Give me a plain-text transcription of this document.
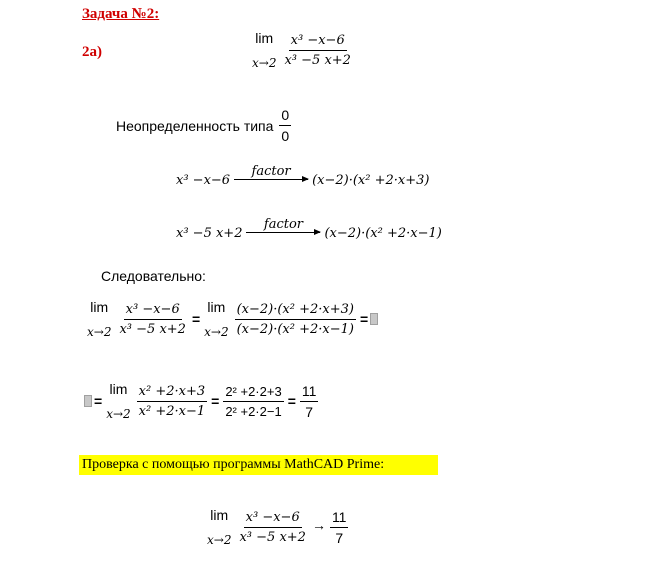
Задача №2:
2а)
lim
$x\to 2 \frac{\text{x³ −x−6}}{\text{x³ −5 x+2}}$
Неопределенность типа $\frac{0}{0}$
x³ −x−6
factor
(x−2)·(x² +2·x+3)
x³ −5 x+2
factor
(x−2)·(x² +2·x−1)
Следовательно:
lim
$x\to 2 \frac{\text{x³ −x−6}}{\text{x³ −5 x+2}}$ =
lim
$x\to 2 \frac{\text{(x−2)·(x² +2·x+3)}}{\text{(x−2)·(x² +2·x−1)}}$ =
=
lim
$x\to 2 \frac{\text{x² +2·x+3}}{\text{x² +2·x−1}} = \frac{\text{2² +2·2+3}}{\text{2² +2·2−1}} = \frac{11}{7}$
Проверка с помощью программы MathCAD Prime:
lim
$x\to 2 \frac{\text{x³ −x−6}}{\text{x³ −5 x+2}} \to \frac{11}{7}$
